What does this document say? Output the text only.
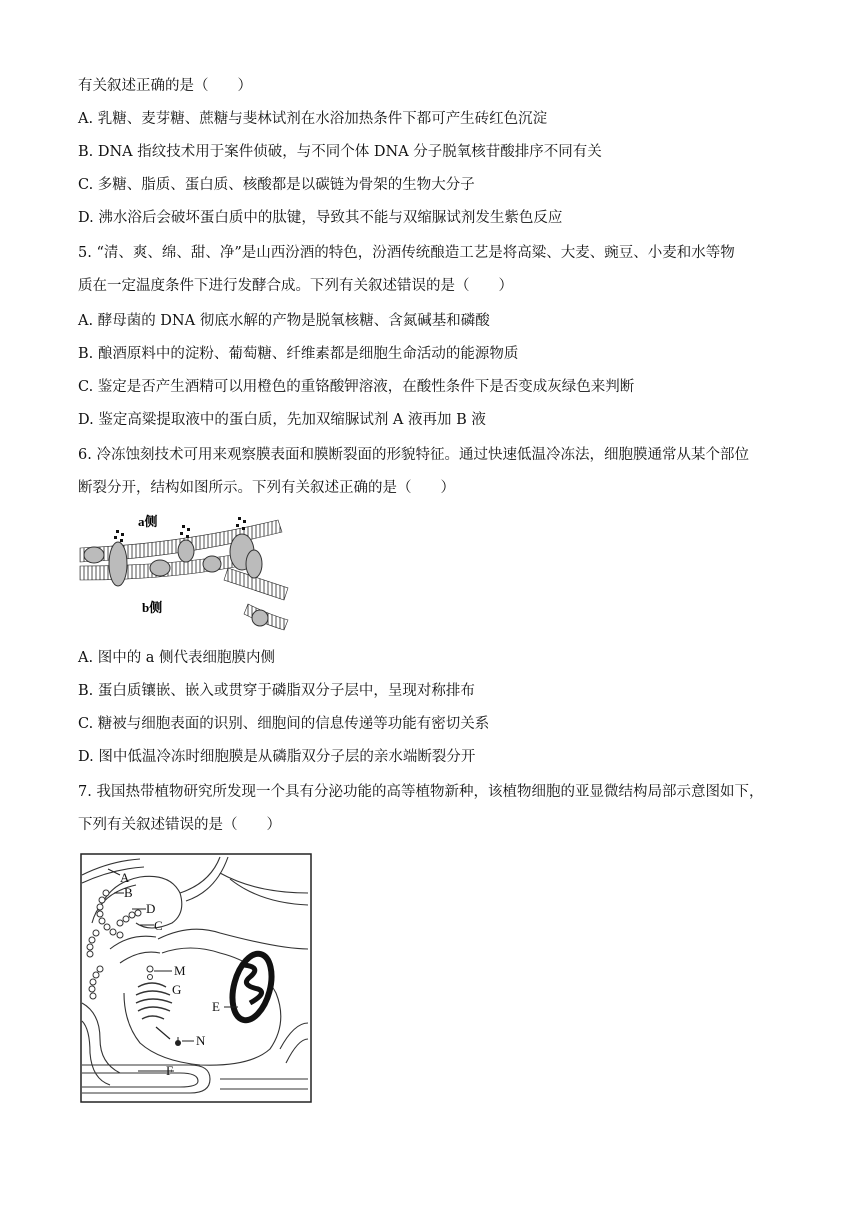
有关叙述正确的是（　　）
A. 乳糖、麦芽糖、蔗糖与斐林试剂在水浴加热条件下都可产生砖红色沉淀
B. DNA 指纹技术用于案件侦破，与不同个体 DNA 分子脱氧核苷酸排序不同有关
C. 多糖、脂质、蛋白质、核酸都是以碳链为骨架的生物大分子
D. 沸水浴后会破坏蛋白质中的肽键，导致其不能与双缩脲试剂发生紫色反应
5. “清、爽、绵、甜、净”是山西汾酒的特色，汾酒传统酿造工艺是将高粱、大麦、豌豆、小麦和水等物
质在一定温度条件下进行发酵合成。下列有关叙述错误的是（　　）
A. 酵母菌的 DNA 彻底水解的产物是脱氧核糖、含氮碱基和磷酸
B. 酿酒原料中的淀粉、葡萄糖、纤维素都是细胞生命活动的能源物质
C. 鉴定是否产生酒精可以用橙色的重铬酸钾溶液，在酸性条件下是否变成灰绿色来判断
D. 鉴定高粱提取液中的蛋白质，先加双缩脲试剂 A 液再加 B 液
6. 冷冻蚀刻技术可用来观察膜表面和膜断裂面的形貌特征。通过快速低温冷冻法，细胞膜通常从某个部位
断裂分开，结构如图所示。下列有关叙述正确的是（　　）
a侧
b侧
A. 图中的 a 侧代表细胞膜内侧
B. 蛋白质镶嵌、嵌入或贯穿于磷脂双分子层中，呈现对称排布
C. 糖被与细胞表面的识别、细胞间的信息传递等功能有密切关系
D. 图中低温冷冻时细胞膜是从磷脂双分子层的亲水端断裂分开
7. 我国热带植物研究所发现一个具有分泌功能的高等植物新种，该植物细胞的亚显微结构局部示意图如下，
下列有关叙述错误的是（　　）
A
B
D
C
M
G
E
N
F
